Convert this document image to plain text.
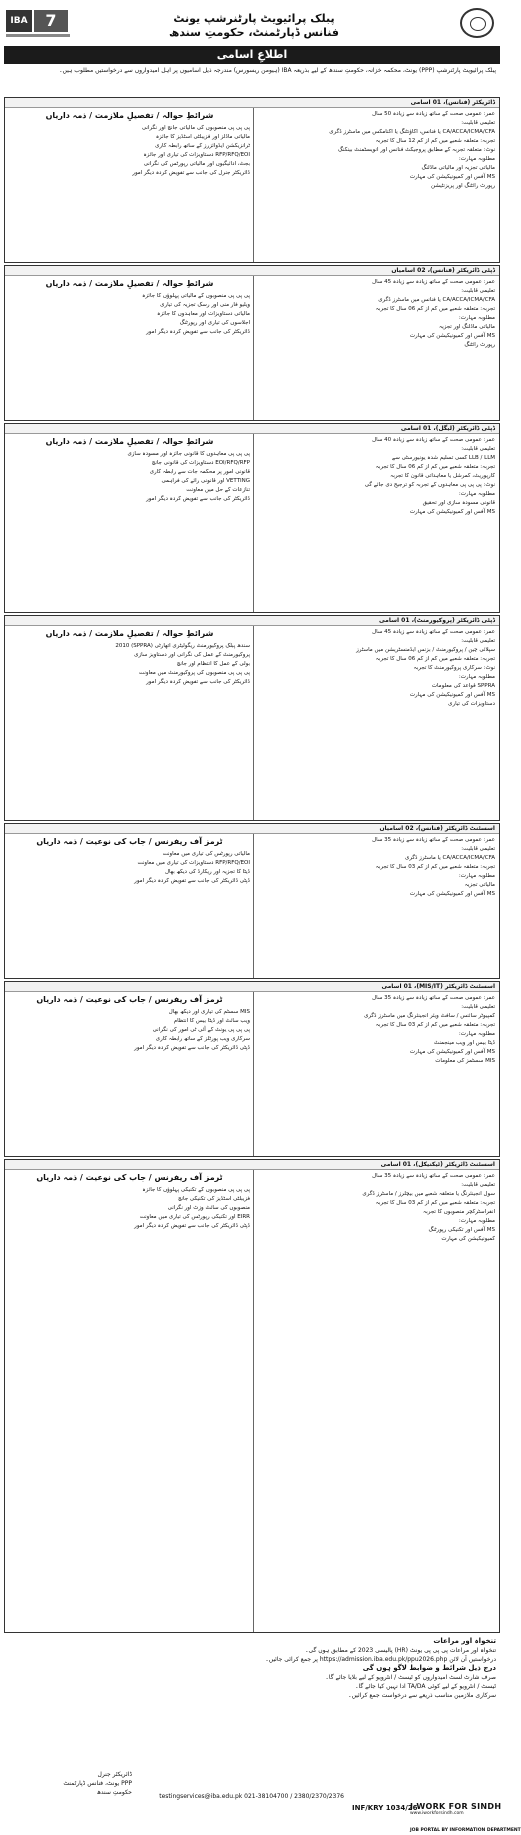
IBA	7	پبلک پرائیویٹ پارٹنرشپ یونٹ
فنانس ڈپارٹمنٹ، حکومتِ سندھ
اطلاعِ اسامی
پبلک پرائیویٹ پارٹنرشپ (PPP) یونٹ، محکمہ خزانہ، حکومتِ سندھ کے لیے بذریعہ IBA (ہیومن ریسورس) مندرجہ ذیل اسامیوں پر اہل امیدواروں سے درخواستیں مطلوب ہیں۔
ڈائریکٹر (فنانس)، 01 اسامی
عمر: عمومی صحت کے ساتھ زیادہ سے زیادہ 50 سال
تعلیمی قابلیت:
CA/ACCA/ICMA/CFA یا فنانس، اکاؤنٹنگ یا اکنامکس میں ماسٹرز ڈگری
تجربہ: متعلقہ شعبے میں کم از کم 12 سال کا تجربہ
نوٹ: متعلقہ تجربہ کے مطابق پروجیکٹ فنانس اور انویسٹمنٹ بینکنگ
مطلوبہ مہارت:
مالیاتی تجزیہ اور مالیاتی ماڈلنگ
MS آفس اور کمیونیکیشن کی مہارت
رپورٹ رائٹنگ اور پریزنٹیشن
شرائطِ حوالہ / تفصیلِ ملازمت / ذمہ داریاں
پی پی پی منصوبوں کی مالیاتی جانچ اور نگرانی
مالیاتی ماڈلز اور فزیبلٹی اسٹڈیز کا جائزہ
ٹرانزیکشن ایڈوائزرز کے ساتھ رابطہ کاری
RFP/RFQ/EOI دستاویزات کی تیاری اور جائزہ
بجٹ، ادائیگیوں اور مالیاتی رپورٹس کی نگرانی
ڈائریکٹر جنرل کی جانب سے تفویض کردہ دیگر امور
ڈپٹی ڈائریکٹر (فنانس)، 02 اسامیاں
عمر: عمومی صحت کے ساتھ زیادہ سے زیادہ 45 سال
تعلیمی قابلیت:
CA/ACCA/ICMA/CFA یا فنانس میں ماسٹرز ڈگری
تجربہ: متعلقہ شعبے میں کم از کم 06 سال کا تجربہ
مطلوبہ مہارت:
مالیاتی ماڈلنگ اور تجزیہ
MS آفس اور کمیونیکیشن کی مہارت
رپورٹ رائٹنگ
شرائطِ حوالہ / تفصیلِ ملازمت / ذمہ داریاں
پی پی پی منصوبوں کے مالیاتی پہلوؤں کا جائزہ
ویلیو فار منی اور رسک تجزیہ کی تیاری
مالیاتی دستاویزات اور معاہدوں کا جائزہ
اجلاسوں کی تیاری اور رپورٹنگ
ڈائریکٹر کی جانب سے تفویض کردہ دیگر امور
ڈپٹی ڈائریکٹر (لیگل)، 01 اسامی
عمر: عمومی صحت کے ساتھ زیادہ سے زیادہ 40 سال
تعلیمی قابلیت:
LLB / LLM کسی تسلیم شدہ یونیورسٹی سے
تجربہ: متعلقہ شعبے میں کم از کم 06 سال کا تجربہ
کارپوریٹ، کمرشل یا معاہداتی قانون کا تجربہ
نوٹ: پی پی پی معاہدوں کے تجربہ کو ترجیح دی جائے گی
مطلوبہ مہارت:
قانونی مسودہ سازی اور تحقیق
MS آفس اور کمیونیکیشن کی مہارت
شرائطِ حوالہ / تفصیلِ ملازمت / ذمہ داریاں
پی پی پی معاہدوں کا قانونی جائزہ اور مسودہ سازی
EOI/RFQ/RFP دستاویزات کی قانونی جانچ
قانونی امور پر محکمہ جات سے رابطہ کاری
VETTING اور قانونی رائے کی فراہمی
تنازعات کے حل میں معاونت
ڈائریکٹر کی جانب سے تفویض کردہ دیگر امور
ڈپٹی ڈائریکٹر (پروکیورمنٹ)، 01 اسامی
عمر: عمومی صحت کے ساتھ زیادہ سے زیادہ 45 سال
تعلیمی قابلیت:
سپلائی چین / پروکیورمنٹ / بزنس ایڈمنسٹریشن میں ماسٹرز
تجربہ: متعلقہ شعبے میں کم از کم 06 سال کا تجربہ
نوٹ: سرکاری پروکیورمنٹ کا تجربہ
مطلوبہ مہارت:
SPPRA قواعد کی معلومات
MS آفس اور کمیونیکیشن کی مہارت
دستاویزات کی تیاری
شرائطِ حوالہ / تفصیلِ ملازمت / ذمہ داریاں
سندھ پبلک پروکیورمنٹ ریگولیٹری اتھارٹی (SPPRA) 2010
پروکیورمنٹ کے عمل کی نگرانی اور دستاویز سازی
بولی کے عمل کا انتظام اور جانچ
پی پی پی منصوبوں کی پروکیورمنٹ میں معاونت
ڈائریکٹر کی جانب سے تفویض کردہ دیگر امور
اسسٹنٹ ڈائریکٹر (فنانس)، 02 اسامیاں
عمر: عمومی صحت کے ساتھ زیادہ سے زیادہ 35 سال
تعلیمی قابلیت:
CA/ACCA/ICMA/CFA یا ماسٹرز ڈگری
تجربہ: متعلقہ شعبے میں کم از کم 03 سال کا تجربہ
مطلوبہ مہارت:
مالیاتی تجزیہ
MS آفس اور کمیونیکیشن کی مہارت
ٹرمز آف ریفرنس / جاب کی نوعیت / ذمہ داریاں
مالیاتی رپورٹس کی تیاری میں معاونت
RFP/RFQ/EOI دستاویزات کی تیاری میں معاونت
ڈیٹا کا تجزیہ اور ریکارڈ کی دیکھ بھال
ڈپٹی ڈائریکٹر کی جانب سے تفویض کردہ دیگر امور
اسسٹنٹ ڈائریکٹر (MIS/IT)، 01 اسامی
عمر: عمومی صحت کے ساتھ زیادہ سے زیادہ 35 سال
تعلیمی قابلیت:
کمپیوٹر سائنس / سافٹ ویئر انجینئرنگ میں ماسٹرز ڈگری
تجربہ: متعلقہ شعبے میں کم از کم 03 سال کا تجربہ
مطلوبہ مہارت:
ڈیٹا بیس اور ویب مینجمنٹ
MS آفس اور کمیونیکیشن کی مہارت
MIS سسٹمز کی معلومات
ٹرمز آف ریفرنس / جاب کی نوعیت / ذمہ داریاں
MIS سسٹم کی تیاری اور دیکھ بھال
ویب سائٹ اور ڈیٹا بیس کا انتظام
پی پی پی یونٹ کے آئی ٹی امور کی نگرانی
سرکاری ویب پورٹلز کے ساتھ رابطہ کاری
ڈپٹی ڈائریکٹر کی جانب سے تفویض کردہ دیگر امور
اسسٹنٹ ڈائریکٹر (ٹیکنیکل)، 01 اسامی
عمر: عمومی صحت کے ساتھ زیادہ سے زیادہ 35 سال
تعلیمی قابلیت:
سول انجینئرنگ یا متعلقہ شعبے میں بیچلرز / ماسٹرز ڈگری
تجربہ: متعلقہ شعبے میں کم از کم 03 سال کا تجربہ
انفراسٹرکچر منصوبوں کا تجربہ
مطلوبہ مہارت:
MS آفس اور تکنیکی رپورٹنگ
کمیونیکیشن کی مہارت
ٹرمز آف ریفرنس / جاب کی نوعیت / ذمہ داریاں
پی پی پی منصوبوں کے تکنیکی پہلوؤں کا جائزہ
فزیبلٹی اسٹڈیز کی تکنیکی جانچ
منصوبوں کی سائٹ وزٹ اور نگرانی
EIRR اور تکنیکی رپورٹس کی تیاری میں معاونت
ڈپٹی ڈائریکٹر کی جانب سے تفویض کردہ دیگر امور
تنخواہ اور مراعات
تنخواہ اور مراعات پی پی پی یونٹ (HR) پالیسی 2023 کے مطابق ہوں گی۔
درخواستیں آن لائن https://admission.iba.edu.pk/ppu2026.php پر جمع کرائی جائیں۔
درج ذیل شرائط و ضوابط لاگو ہوں گی
صرف شارٹ لسٹ امیدواروں کو ٹیسٹ / انٹرویو کے لیے بلایا جائے گا۔
ٹیسٹ / انٹرویو کے لیے کوئی TA/DA ادا نہیں کیا جائے گا۔
سرکاری ملازمین مناسب ذریعے سے درخواست جمع کرائیں۔
ڈائریکٹر جنرل
PPP یونٹ، فنانس ڈپارٹمنٹ
حکومتِ سندھ
testingservices@iba.edu.pk 021-38104700 / 2380/2370/2376
INF/KRY 1034/26
I WORK FOR SINDH
www.iworkforsindh.com
JOB PORTAL BY INFORMATION DEPARTMENT
